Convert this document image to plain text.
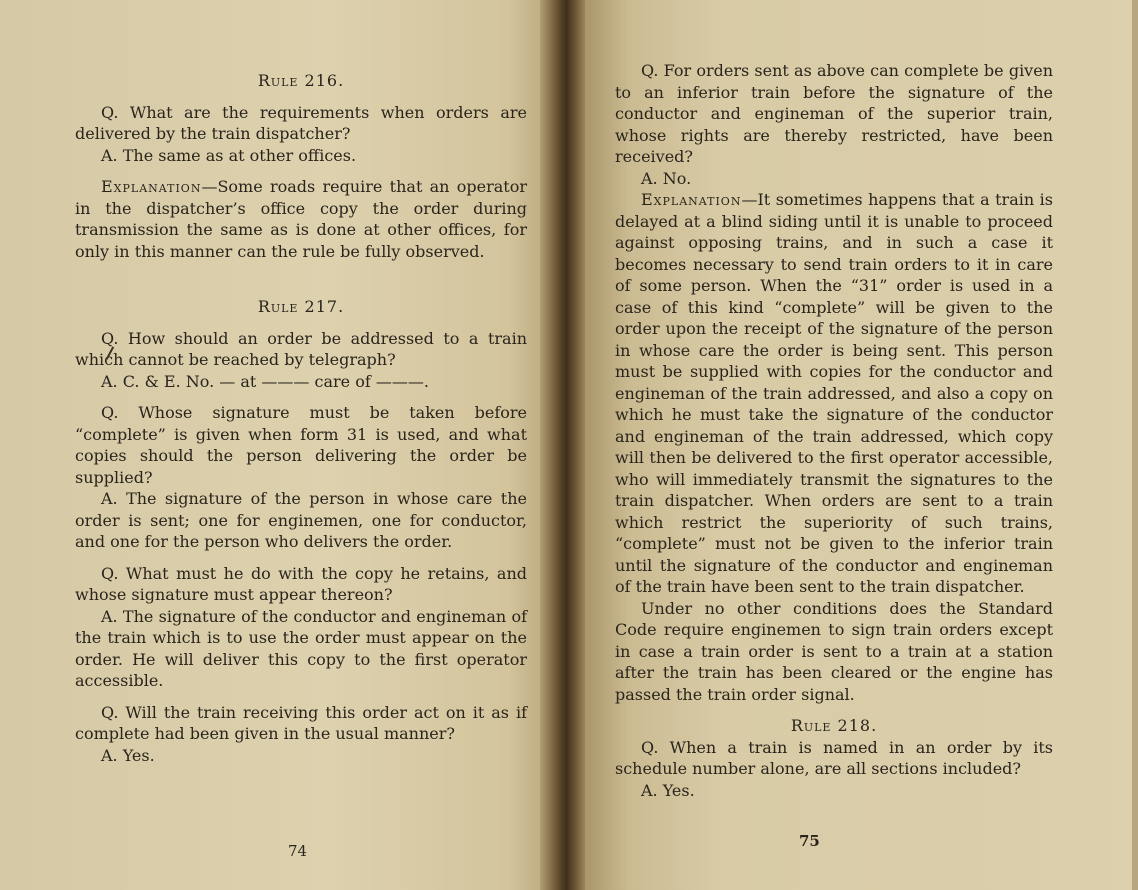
Rule 216.

Q. What are the requirements when orders are delivered by the train dispatcher?

A. The same as at other offices.

Explanation—Some roads require that an operator in the dispatcher’s office copy the order during transmission the same as is done at other offices, for only in this manner can the rule be fully observed.

Rule 217.

Q. How should an order be addressed to a train which cannot be reached by telegraph?

A. C. & E. No. — at ——— care of ———.

Q. Whose signature must be taken before “complete” is given when form 31 is used, and what copies should the person delivering the order be supplied?

A. The signature of the person in whose care the order is sent; one for enginemen, one for conductor, and one for the person who delivers the order.

Q. What must he do with the copy he retains, and whose signature must appear thereon?

A. The signature of the conductor and engineman of the train which is to use the order must appear on the order. He will deliver this copy to the first operator accessible.

Q. Will the train receiving this order act on it as if complete had been given in the usual manner?

A. Yes.

74

Q. For orders sent as above can complete be given to an inferior train before the signature of the conductor and engineman of the superior train, whose rights are thereby restricted, have been received?

A. No.

Explanation—It sometimes happens that a train is delayed at a blind siding until it is unable to proceed against opposing trains, and in such a case it becomes necessary to send train orders to it in care of some person. When the “31” order is used in a case of this kind “complete” will be given to the order upon the receipt of the signature of the person in whose care the order is being sent. This person must be supplied with copies for the conductor and engineman of the train addressed, and also a copy on which he must take the signature of the conductor and engineman of the train addressed, which copy will then be delivered to the first operator accessible, who will immediately transmit the signatures to the train dispatcher. When orders are sent to a train which restrict the superiority of such trains, “complete” must not be given to the inferior train until the signature of the conductor and engineman of the train have been sent to the train dispatcher.

Under no other conditions does the Standard Code require enginemen to sign train orders except in case a train order is sent to a train at a station after the train has been cleared or the engine has passed the train order signal.

Rule 218.

Q. When a train is named in an order by its schedule number alone, are all sections included?

A. Yes.

75
